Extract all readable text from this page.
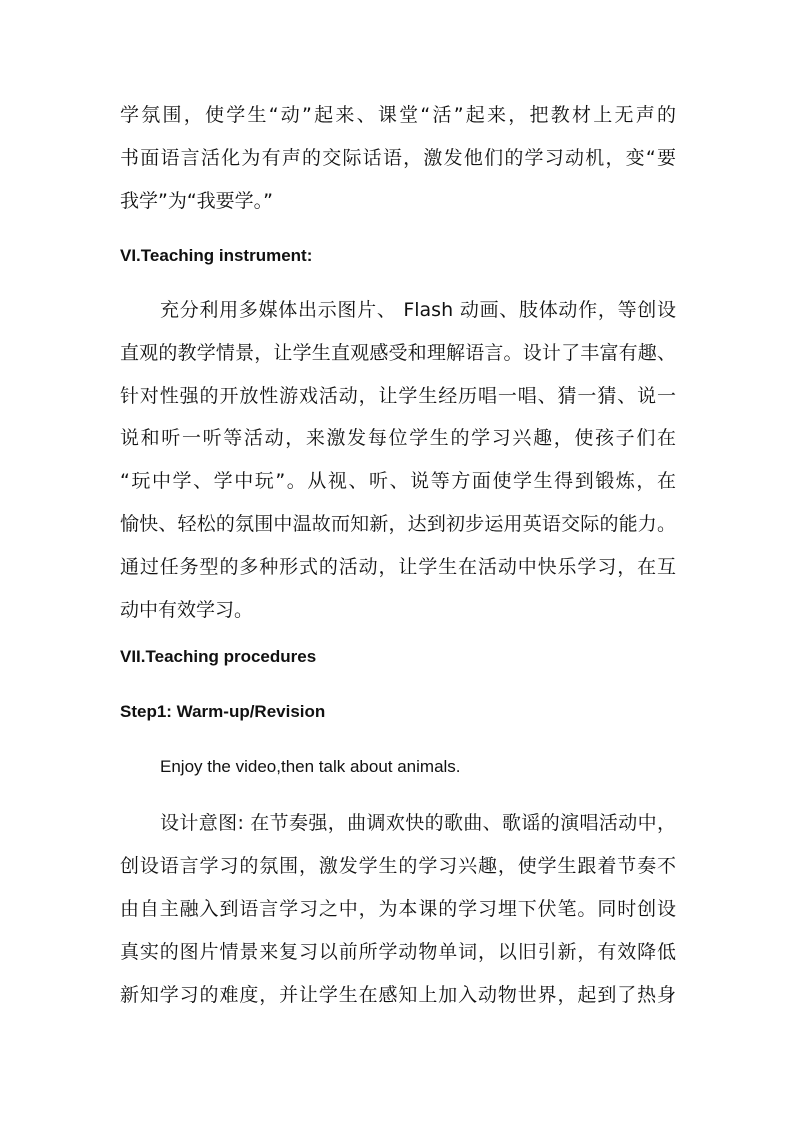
学氛围，使学生“动”起来、课堂“活”起来，把教材上无声的
书面语言活化为有声的交际话语，激发他们的学习动机，变“要
我学”为“我要学。”
VI.Teaching instrument:
充分利用多媒体出示图片、 Flash 动画、肢体动作，等创设
直观的教学情景，让学生直观感受和理解语言。设计了丰富有趣、
针对性强的开放性游戏活动，让学生经历唱一唱、猜一猜、说一
说和听一听等活动，来激发每位学生的学习兴趣，使孩子们在
“玩中学、学中玩”。从视、听、说等方面使学生得到锻炼，在
愉快、轻松的氛围中温故而知新，达到初步运用英语交际的能力。
通过任务型的多种形式的活动，让学生在活动中快乐学习，在互
动中有效学习。
VII.Teaching procedures
Step1: Warm-up/Revision
Enjoy the video,then talk about animals.
设计意图: 在节奏强，曲调欢快的歌曲、歌谣的演唱活动中，
创设语言学习的氛围，激发学生的学习兴趣，使学生跟着节奏不
由自主融入到语言学习之中，为本课的学习埋下伏笔。同时创设
真实的图片情景来复习以前所学动物单词，以旧引新，有效降低
新知学习的难度，并让学生在感知上加入动物世界，起到了热身
